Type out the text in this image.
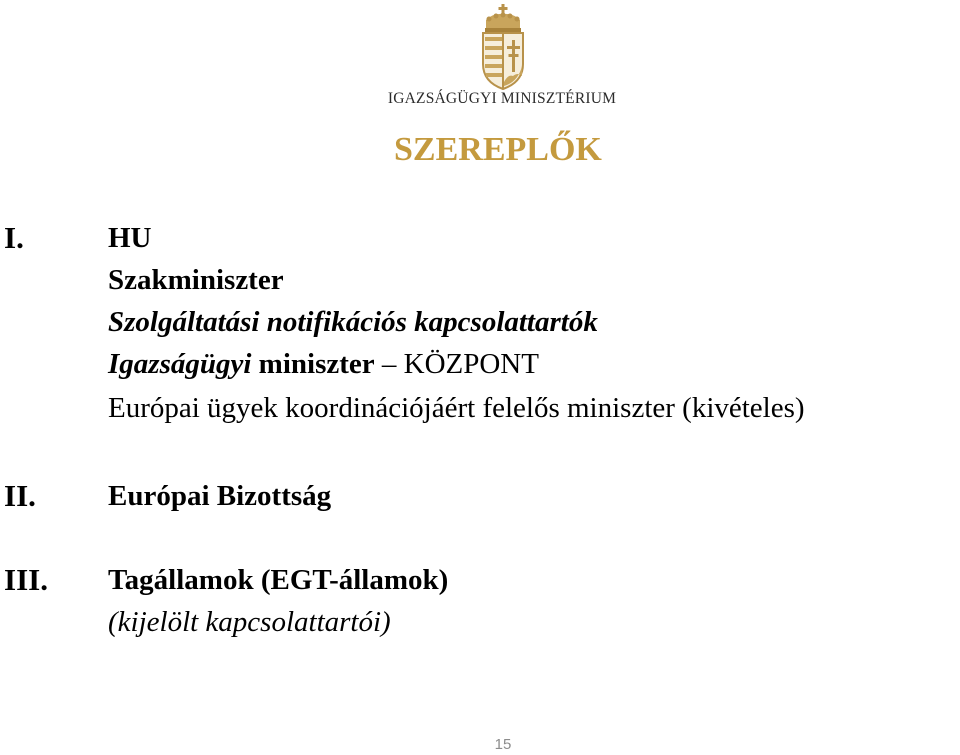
IGAZSÁGÜGYI MINISZTÉRIUM
SZEREPLŐK
I.	HU
Szakminiszter
Szolgáltatási notifikációs kapcsolattartók
Igazságügyi miniszter – KÖZPONT
Európai ügyek koordinációjáért felelős miniszter (kivételes)
II. Európai Bizottság
III. Tagállamok (EGT-államok)
(kijelölt kapcsolattartói)
15
